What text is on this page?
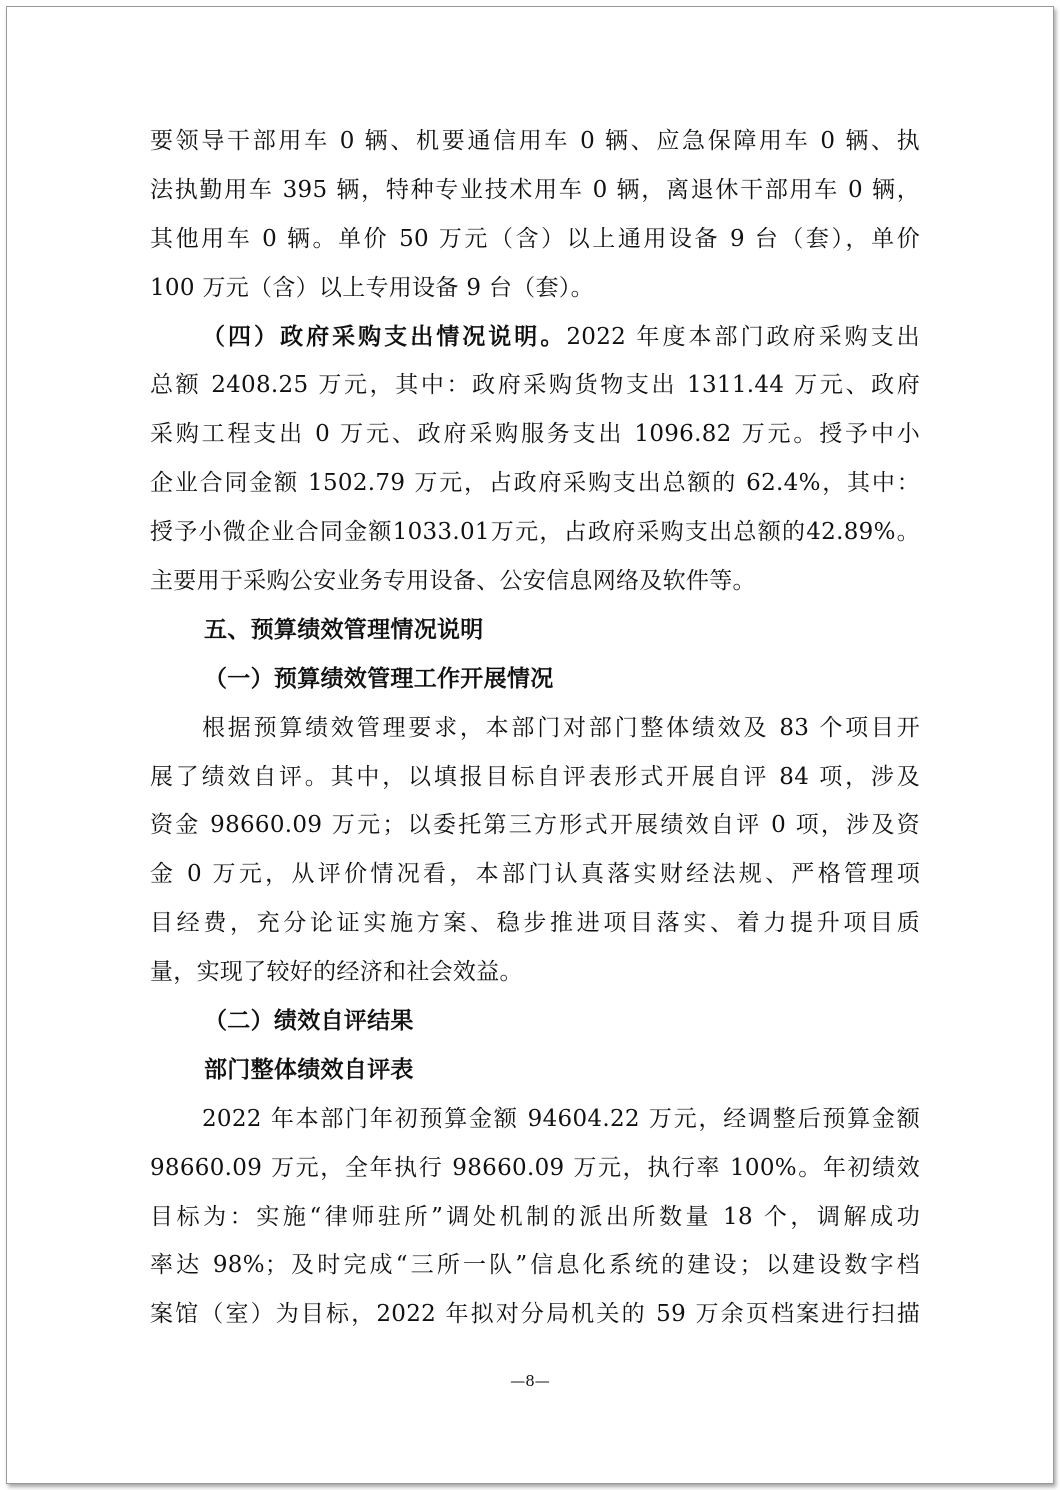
要领导干部用车 0 辆、机要通信用车 0 辆、应急保障用车 0 辆、执
法执勤用车 395 辆，特种专业技术用车 0 辆，离退休干部用车 0 辆，
其他用车 0 辆。单价 50 万元（含）以上通用设备 9 台（套），单价
100 万元（含）以上专用设备 9 台（套）。
（四）政府采购支出情况说明。2022 年度本部门政府采购支出
总额 2408.25 万元，其中：政府采购货物支出 1311.44 万元、政府
采购工程支出 0 万元、政府采购服务支出 1096.82 万元。授予中小
企业合同金额 1502.79 万元，占政府采购支出总额的 62.4%，其中：
授予小微企业合同金额1033.01万元，占政府采购支出总额的42.89%。
主要用于采购公安业务专用设备、公安信息网络及软件等。
五、预算绩效管理情况说明
（一）预算绩效管理工作开展情况
根据预算绩效管理要求，本部门对部门整体绩效及 83 个项目开
展了绩效自评。其中，以填报目标自评表形式开展自评 84 项，涉及
资金 98660.09 万元；以委托第三方形式开展绩效自评 0 项，涉及资
金 0 万元，从评价情况看，本部门认真落实财经法规、严格管理项
目经费，充分论证实施方案、稳步推进项目落实、着力提升项目质
量，实现了较好的经济和社会效益。
（二）绩效自评结果
部门整体绩效自评表
2022 年本部门年初预算金额 94604.22 万元，经调整后预算金额
98660.09 万元，全年执行 98660.09 万元，执行率 100%。年初绩效
目标为：实施“律师驻所”调处机制的派出所数量 18 个，调解成功
率达 98%；及时完成“三所一队”信息化系统的建设；以建设数字档
案馆（室）为目标，2022 年拟对分局机关的 59 万余页档案进行扫描
—8—
